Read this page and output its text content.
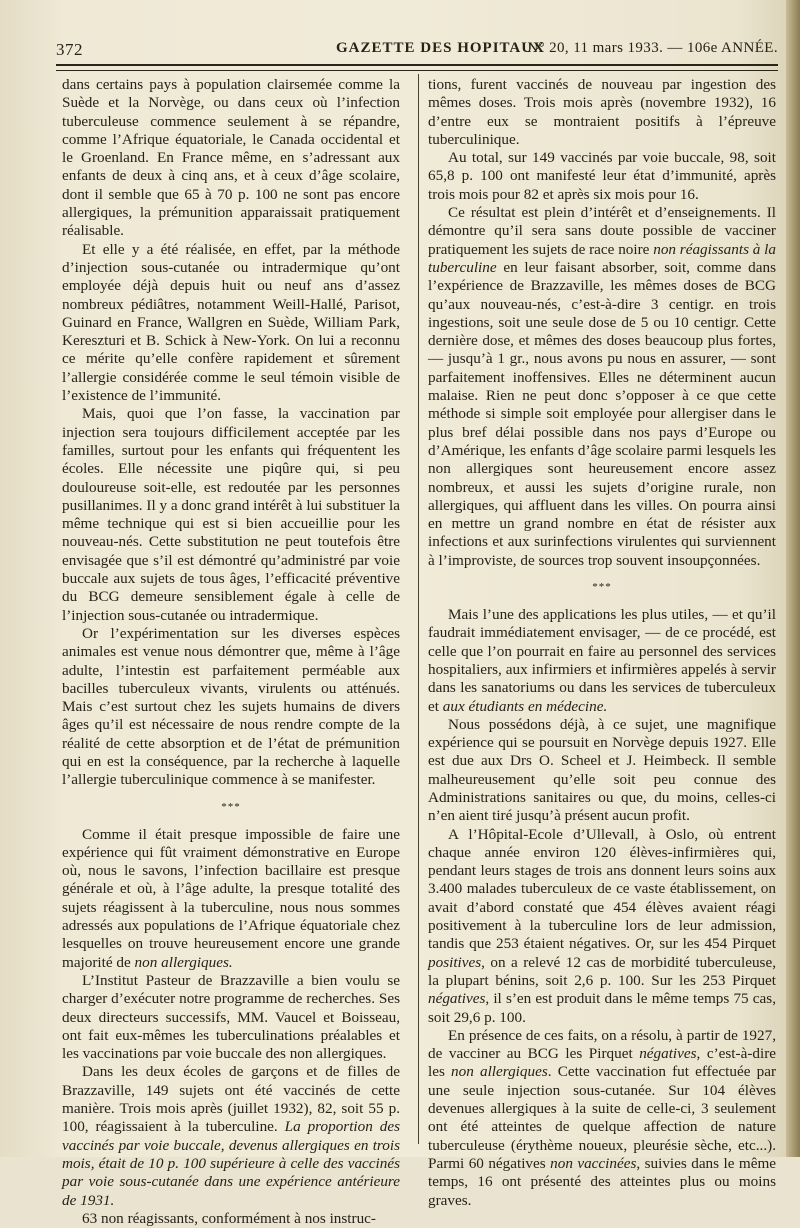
372	GAZETTE DES HOPITAUX
N° 20, 11 mars 1933. — 106e ANNÉE.

dans certains pays à population clairsemée comme la Suède et la Norvège, ou dans ceux où l’infection tuberculeuse commence seulement à se répandre, comme l’Afrique équatoriale, le Canada occidental et le Groenland. En France même, en s’adressant aux enfants de deux à cinq ans, et à ceux d’âge scolaire, dont il semble que 65 à 70 p. 100 ne sont pas encore allergiques, la prémunition apparaissait pratiquement réalisable.

Et elle y a été réalisée, en effet, par la méthode d’injection sous-cutanée ou intradermique qu’ont employée déjà depuis huit ou neuf ans d’assez nombreux pédiâtres, notamment Weill-Hallé, Parisot, Guinard en France, Wallgren en Suède, William Park, Kereszturi et B. Schick à New-York. On lui a reconnu ce mérite qu’elle confère rapidement et sûrement l’allergie considérée comme le seul témoin visible de l’existence de l’immunité.

Mais, quoi que l’on fasse, la vaccination par injection sera toujours difficilement acceptée par les familles, surtout pour les enfants qui fréquentent les écoles. Elle nécessite une piqûre qui, si peu douloureuse soit-elle, est redoutée par les personnes pusillanimes. Il y a donc grand intérêt à lui substituer la même technique qui est si bien accueillie pour les nouveau-nés. Cette substitution ne peut toutefois être envisagée que s’il est démontré qu’administré par voie buccale aux sujets de tous âges, l’efficacité préventive du BCG demeure sensiblement égale à celle de l’injection sous-cutanée ou intradermique.

Or l’expérimentation sur les diverses espèces animales est venue nous démontrer que, même à l’âge adulte, l’intestin est parfaitement perméable aux bacilles tuberculeux vivants, virulents ou atténués. Mais c’est surtout chez les sujets humains de divers âges qu’il est nécessaire de nous rendre compte de la réalité de cette absorption et de l’état de prémunition qui en est la conséquence, par la recherche à laquelle l’allergie tuberculinique commence à se manifester.

***

Comme il était presque impossible de faire une expérience qui fût vraiment démonstrative en Europe où, nous le savons, l’infection bacillaire est presque générale et où, à l’âge adulte, la presque totalité des sujets réagissent à la tuberculine, nous nous sommes adressés aux populations de l’Afrique équatoriale chez lesquelles on trouve heureusement encore une grande majorité de non allergiques.

L’Institut Pasteur de Brazzaville a bien voulu se charger d’exécuter notre programme de recherches. Ses deux directeurs successifs, MM. Vaucel et Boisseau, ont fait eux-mêmes les tuberculinations préalables et les vaccinations par voie buccale des non allergiques.

Dans les deux écoles de garçons et de filles de Brazzaville, 149 sujets ont été vaccinés de cette manière. Trois mois après (juillet 1932), 82, soit 55 p. 100, réagissaient à la tuberculine. La proportion des vaccinés par voie buccale, devenus allergiques en trois mois, était de 10 p. 100 supérieure à celle des vaccinés par voie sous-cutanée dans une expérience antérieure de 1931.

63 non réagissants, conformément à nos instruc-

tions, furent vaccinés de nouveau par ingestion des mêmes doses. Trois mois après (novembre 1932), 16 d’entre eux se montraient positifs à l’épreuve tuberculinique.

Au total, sur 149 vaccinés par voie buccale, 98, soit 65,8 p. 100 ont manifesté leur état d’immunité, après trois mois pour 82 et après six mois pour 16.

Ce résultat est plein d’intérêt et d’enseignements. Il démontre qu’il sera sans doute possible de vacciner pratiquement les sujets de race noire non réagissants à la tuberculine en leur faisant absorber, soit, comme dans l’expérience de Brazzaville, les mêmes doses de BCG qu’aux nouveau-nés, c’est-à-dire 3 centigr. en trois ingestions, soit une seule dose de 5 ou 10 centigr. Cette dernière dose, et mêmes des doses beaucoup plus fortes, — jusqu’à 1 gr., nous avons pu nous en assurer, — sont parfaitement inoffensives. Elles ne déterminent aucun malaise. Rien ne peut donc s’opposer à ce que cette méthode si simple soit employée pour allergiser dans le plus bref délai possible dans nos pays d’Europe ou d’Amérique, les enfants d’âge scolaire parmi lesquels les non allergiques sont heureusement encore assez nombreux, et aussi les sujets d’origine rurale, non allergiques, qui affluent dans les villes. On pourra ainsi en mettre un grand nombre en état de résister aux infections et aux surinfections virulentes qui surviennent à l’improviste, de sources trop souvent insoupçonnées.

***

Mais l’une des applications les plus utiles, — et qu’il faudrait immédiatement envisager, — de ce procédé, est celle que l’on pourrait en faire au personnel des services hospitaliers, aux infirmiers et infirmières appelés à servir dans les sanatoriums ou dans les services de tuberculeux et aux étudiants en médecine.

Nous possédons déjà, à ce sujet, une magnifique expérience qui se poursuit en Norvège depuis 1927. Elle est due aux Drs O. Scheel et J. Heimbeck. Il semble malheureusement qu’elle soit peu connue des Administrations sanitaires ou que, du moins, celles-ci n’en aient tiré jusqu’à présent aucun profit.

A l’Hôpital-Ecole d’Ullevall, à Oslo, où entrent chaque année environ 120 élèves-infirmières qui, pendant leurs stages de trois ans donnent leurs soins aux 3.400 malades tuberculeux de ce vaste établissement, on avait d’abord constaté que 454 élèves avaient réagi positivement à la tuberculine lors de leur admission, tandis que 253 étaient négatives. Or, sur les 454 Pirquet positives, on a relevé 12 cas de morbidité tuberculeuse, la plupart bénins, soit 2,6 p. 100. Sur les 253 Pirquet négatives, il s’en est produit dans le même temps 75 cas, soit 29,6 p. 100.

En présence de ces faits, on a résolu, à partir de 1927, de vacciner au BCG les Pirquet négatives, c’est-à-dire les non allergiques. Cette vaccination fut effectuée par une seule injection sous-cutanée. Sur 104 élèves devenues allergiques à la suite de celle-ci, 3 seulement ont été atteintes de quelque affection de nature tuberculeuse (érythème noueux, pleurésie sèche, etc...). Parmi 60 négatives non vaccinées, suivies dans le même temps, 16 ont présenté des atteintes plus ou moins graves.
